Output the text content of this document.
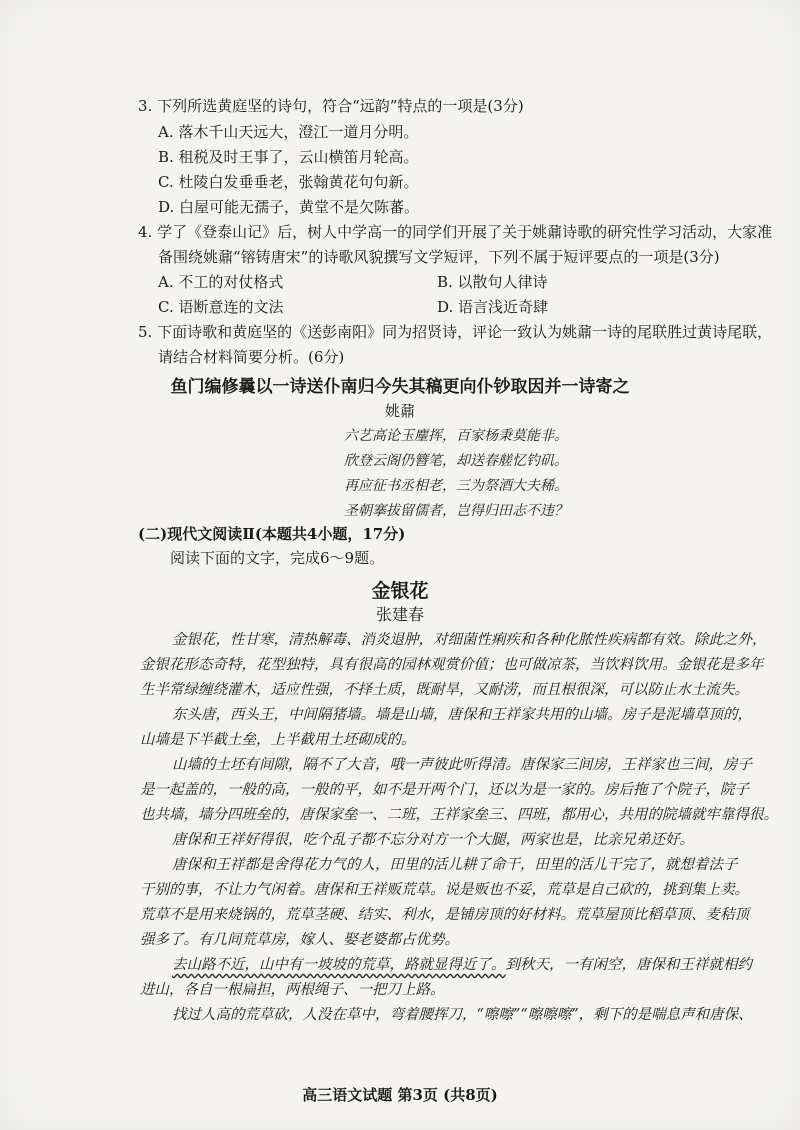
3. 下列所选黄庭坚的诗句，符合“远韵”特点的一项是(3分)
A. 落木千山天远大，澄江一道月分明。
B. 租税及时王事了，云山横笛月轮高。
C. 杜陵白发垂垂老，张翰黄花句句新。
D. 白屋可能无孺子，黄堂不是欠陈蕃。
4. 学了《登泰山记》后，树人中学高一的同学们开展了关于姚鼐诗歌的研究性学习活动，大家准
备围绕姚鼐“镕铸唐宋”的诗歌风貌撰写文学短评，下列不属于短评要点的一项是(3分)
A. 不工的对仗格式	B. 以散句人律诗
C. 语断意连的文法	D. 语言浅近奇肆
5. 下面诗歌和黄庭坚的《送彭南阳》同为招贤诗，评论一致认为姚鼐一诗的尾联胜过黄诗尾联，
请结合材料简要分析。(6分)
鱼门编修曩以一诗送仆南归今失其稿更向仆钞取因并一诗寄之
姚鼐
六艺高论玉麈挥，百家杨秉莫能非。
欣登云阁仍簪笔，却送春艖忆钓矶。
再应征书丞相老，三为祭酒大夫稀。
圣朝搴拔留儒者，岂得归田志不违？
(二)现代文阅读Ⅱ(本题共4小题，17分)
阅读下面的文字，完成6～9题。
金银花
张建春
金银花，性甘寒，清热解毒、消炎退肿，对细菌性痢疾和各种化脓性疾病都有效。除此之外，
金银花形态奇特，花型独特，具有很高的园林观赏价值；也可做凉茶，当饮料饮用。金银花是多年
生半常绿缠绕灌木，适应性强，不择土质，既耐旱，又耐涝，而且根很深，可以防止水土流失。
东头唐，西头王，中间隔猪墙。墙是山墙，唐保和王祥家共用的山墙。房子是泥墙草顶的，
山墙是下半截土垒，上半截用土坯砌成的。
山墙的土坯有间隙，隔不了大音，哦一声彼此听得清。唐保家三间房，王祥家也三间，房子
是一起盖的，一般的高，一般的平，如不是开两个门，还以为是一家的。房后拖了个院子，院子
也共墙，墙分四班垒的，唐保家垒一、二班，王祥家垒三、四班，都用心，共用的院墙就牢靠得很。
唐保和王祥好得很，吃个乱子都不忘分对方一个大腿，两家也是，比亲兄弟还好。
唐保和王祥都是舍得花力气的人，田里的活儿耕了命干，田里的活儿干完了，就想着法子
干别的事，不让力气闲着。唐保和王祥贩荒草。说是贩也不妥，荒草是自己砍的，挑到集上卖。
荒草不是用来烧锅的，荒草茎硬、结实、利水，是铺房顶的好材料。荒草屋顶比稻草顶、麦秸顶
强多了。有几间荒草房，嫁人、娶老婆都占优势。
去山路不近，山中有一坡坡的荒草，路就显得近了。到秋天，一有闲空，唐保和王祥就相约
进山，各自一根扁担，两根绳子、一把刀上路。
找过人高的荒草砍，人没在草中，弯着腰挥刀，“嚓嚓”“嚓嚓嚓”，剩下的是喘息声和唐保、
高三语文试题 第3页 (共8页)
